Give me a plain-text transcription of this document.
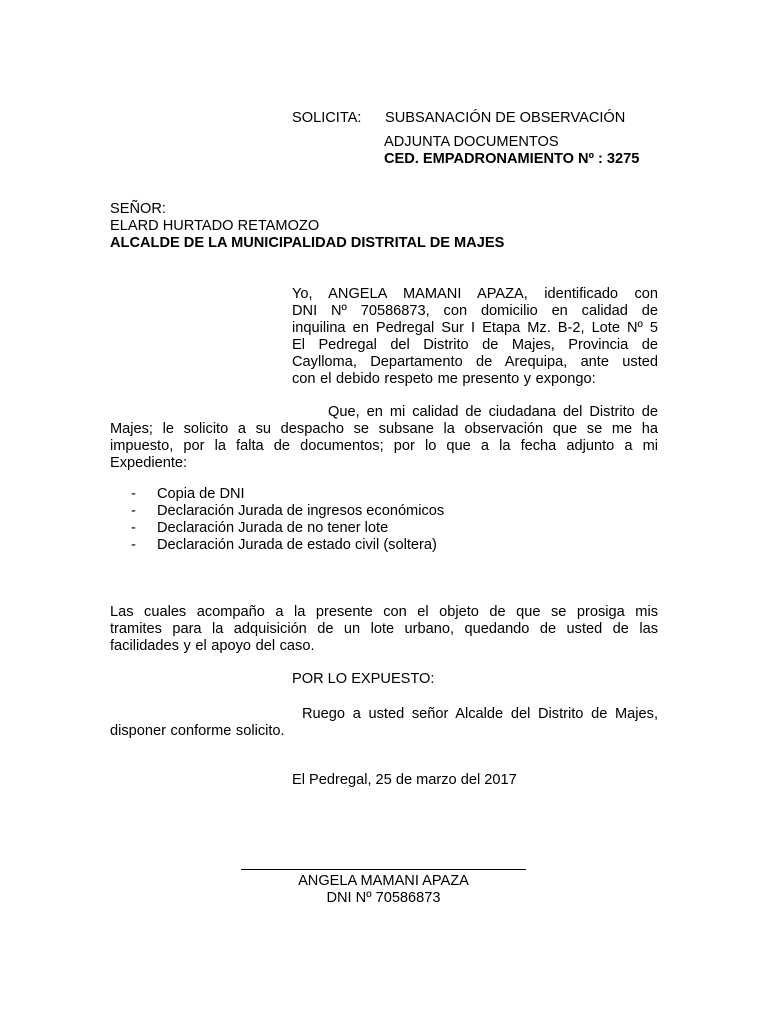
SOLICITA: SUBSANACIÓN DE OBSERVACIÓN
ADJUNTA DOCUMENTOS
CED. EMPADRONAMIENTO Nº : 3275
SEÑOR:
ELARD HURTADO RETAMOZO
ALCALDE DE LA MUNICIPALIDAD DISTRITAL DE MAJES
Yo, ANGELA MAMANI APAZA, identificado con
DNI Nº 70586873, con domicilio en calidad de
inquilina en Pedregal Sur I Etapa Mz. B-2, Lote Nº 5
El Pedregal del Distrito de Majes, Provincia de
Caylloma, Departamento de Arequipa, ante usted
con el debido respeto me presento y expongo:
Que, en mi calidad de ciudadana del Distrito de
Majes; le solicito a su despacho se subsane la observación que se me ha
impuesto, por la falta de documentos; por lo que a la fecha adjunto a mi
Expediente:
- Copia de DNI
- Declaración Jurada de ingresos económicos
- Declaración Jurada de no tener lote
- Declaración Jurada de estado civil (soltera)
Las cuales acompaño a la presente con el objeto de que se prosiga mis
tramites para la adquisición de un lote urbano, quedando de usted de las
facilidades y el apoyo del caso.
POR LO EXPUESTO:
Ruego a usted señor Alcalde del Distrito de Majes,
disponer conforme solicito.
El Pedregal, 25 de marzo del 2017
ANGELA MAMANI APAZA
DNI Nº 70586873
